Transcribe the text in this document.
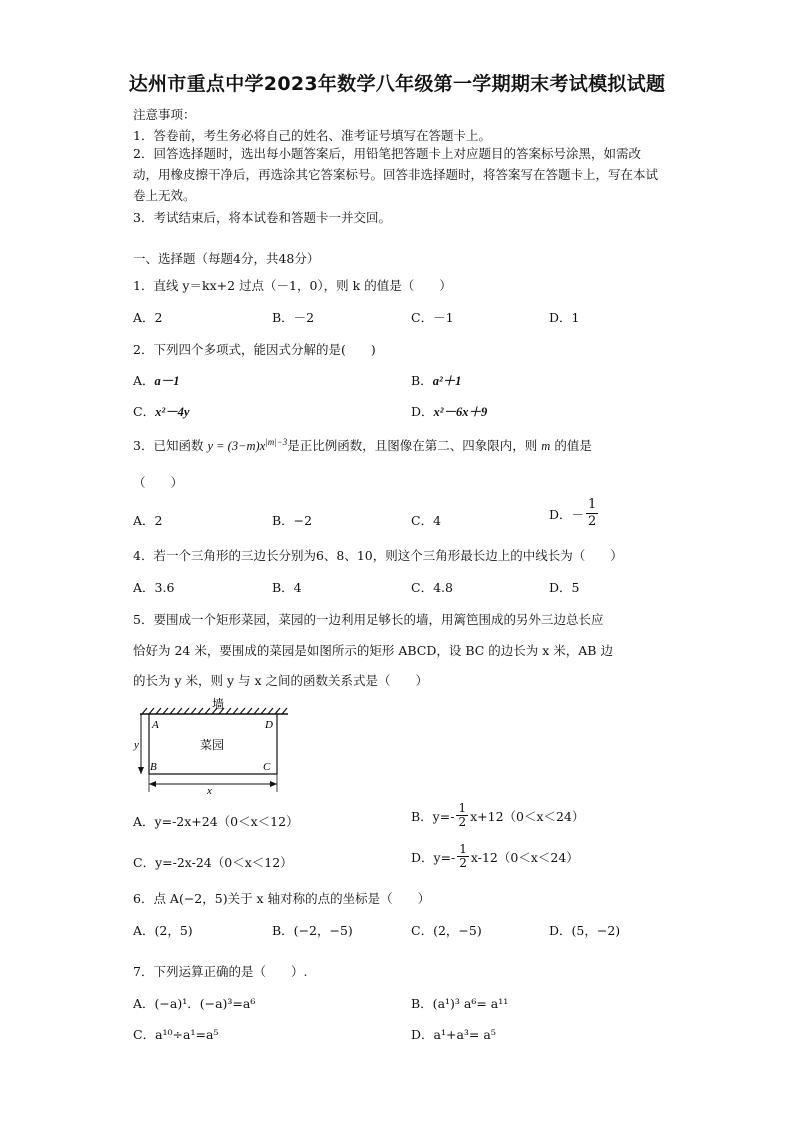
达州市重点中学2023年数学八年级第一学期期末考试模拟试题
注意事项：
1．答卷前，考生务必将自己的姓名、准考证号填写在答题卡上。
2．回答选择题时，选出每小题答案后，用铅笔把答题卡上对应题目的答案标号涂黑，如需改动，用橡皮擦干净后，再选涂其它答案标号。回答非选择题时，将答案写在答题卡上，写在本试卷上无效。
3．考试结束后，将本试卷和答题卡一并交回。
一、选择题（每题4分，共48分）
1．直线 y＝kx+2 过点（－1，0），则 k 的值是（　　）
A．2	B．－2	C．－1	D．1
2．下列四个多项式，能因式分解的是(　　)
A．a－1	B．a²＋1
C．x²－4y	D．x²－6x＋9
3．已知函数 $y = (3-m)x^{|m|-3}$是正比例函数，且图像在第二、四象限内，则 m 的值是
（　　）
A．2	B．−2	C．4	D．－ $\frac{1}{2}$
4．若一个三角形的三边长分别为6、8、10，则这个三角形最长边上的中线长为（　　）
A．3.6	B．4	C．4.8	D．5
5．要围成一个矩形菜园，菜园的一边利用足够长的墙，用篱笆围成的另外三边总长应
恰好为 24 米，要围成的菜园是如图所示的矩形 ABCD，设 BC 的边长为 x 米，AB 边
的长为 y 米，则 y 与 x 之间的函数关系式是（　　）
墙
A	D
B	C
菜园
y
x
A．y=-2x+24（0＜x＜12）	B．$y=- \frac{1}{2} x+12(0<x<24)$
C．y=-2x-24（0＜x＜12）	D．$y=- \frac{1}{2} x-12(0<x<24)$
6．点 A(−2，5)关于 x 轴对称的点的坐标是（　　）
A．(2，5)	B．(−2，−5)	C．(2，−5)	D．(5，−2)
7．下列运算正确的是（　　）.
A．(−a)¹．(−a)³=a⁶	B．(a¹)³ a⁶= a¹¹
C．a¹⁰÷a¹=a⁵	D．a¹+a³= a⁵
